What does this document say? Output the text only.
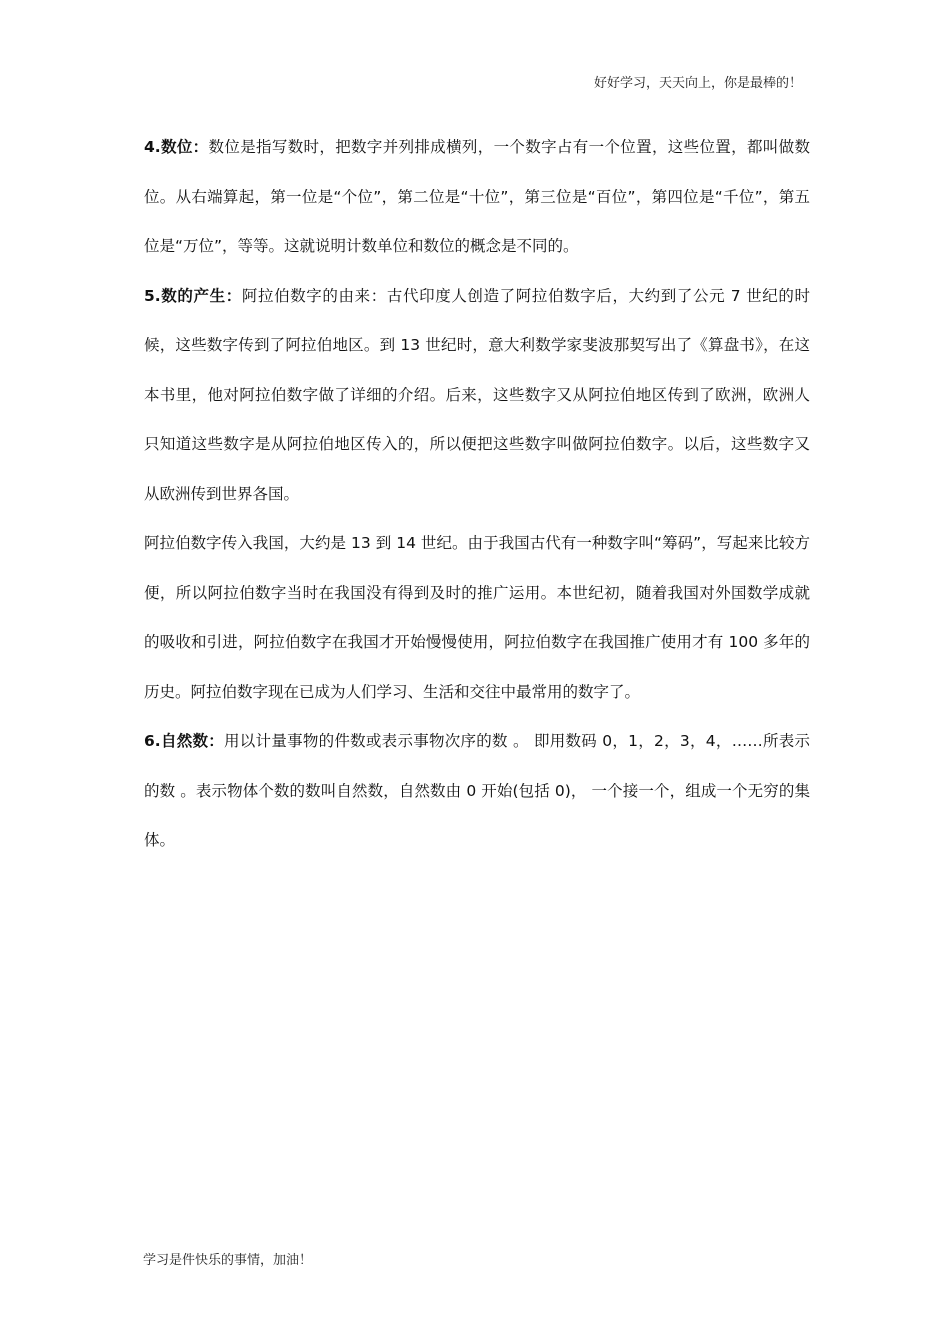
好好学习，天天向上，你是最棒的！

4.数位：数位是指写数时，把数字并列排成横列，一个数字占有一个位置，这些位置，都叫做数位。从右端算起，第一位是“个位”，第二位是“十位”，第三位是“百位”，第四位是“千位”，第五位是“万位”，等等。这就说明计数单位和数位的概念是不同的。

5.数的产生：阿拉伯数字的由来：古代印度人创造了阿拉伯数字后，大约到了公元 7 世纪的时候，这些数字传到了阿拉伯地区。到 13 世纪时，意大利数学家斐波那契写出了《算盘书》，在这本书里，他对阿拉伯数字做了详细的介绍。后来，这些数字又从阿拉伯地区传到了欧洲，欧洲人只知道这些数字是从阿拉伯地区传入的，所以便把这些数字叫做阿拉伯数字。以后，这些数字又从欧洲传到世界各国。

阿拉伯数字传入我国，大约是 13 到 14 世纪。由于我国古代有一种数字叫“筹码”，写起来比较方便，所以阿拉伯数字当时在我国没有得到及时的推广运用。本世纪初，随着我国对外国数学成就的吸收和引进，阿拉伯数字在我国才开始慢慢使用，阿拉伯数字在我国推广使用才有 100 多年的历史。阿拉伯数字现在已成为人们学习、生活和交往中最常用的数字了。

6.自然数：用以计量事物的件数或表示事物次序的数 。 即用数码 0，1，2，3，4，……所表示的数 。表示物体个数的数叫自然数，自然数由 0 开始(包括 0)， 一个接一个，组成一个无穷的集体。

学习是件快乐的事情，加油！
